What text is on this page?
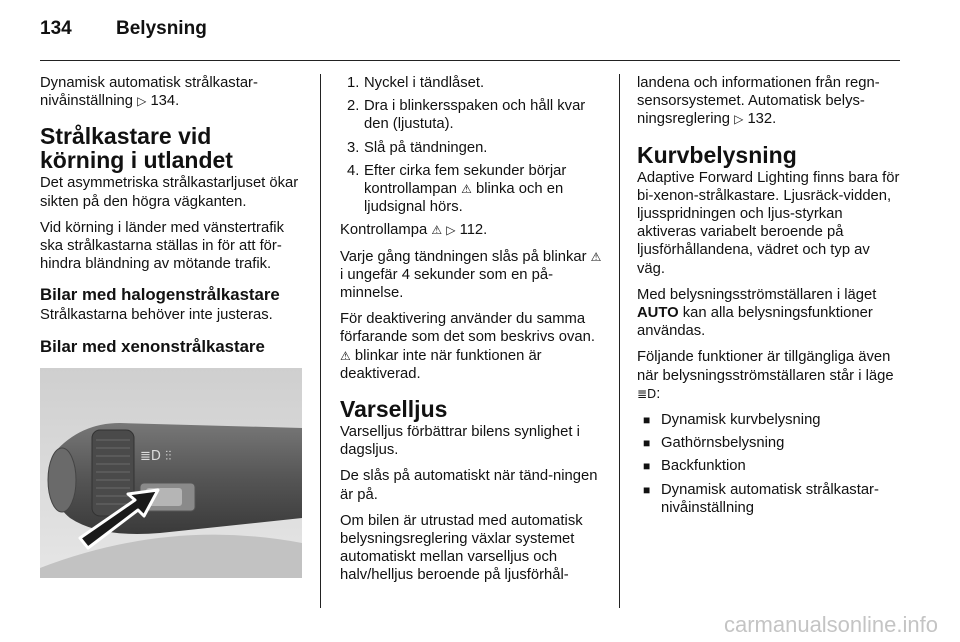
134 Belysning

Dynamisk automatisk strålkastar-nivåinställning ▷ 134.

Strålkastare vid körning i utlandet

Det asymmetriska strålkastarljuset ökar sikten på den högra vägkanten.

Vid körning i länder med vänstertrafik ska strålkastarna ställas in för att för-hindra bländning av mötande trafik.

Bilar med halogenstrålkastare

Strålkastarna behöver inte justeras.

Bilar med xenonstrålkastare
≣D ⫶⫶
1. Nyckel i tändlåset.
2. Dra i blinkersspaken och håll kvar den (ljustuta).
3. Slå på tändningen.
4. Efter cirka fem sekunder börjar kontrollampan ⚠ blinka och en ljudsignal hörs.

Kontrollampa ⚠ ▷ 112.

Varje gång tändningen slås på blinkar ⚠ i ungefär 4 sekunder som en på-minnelse.

För deaktivering använder du samma förfarande som det som beskrivs ovan. ⚠ blinkar inte när funktionen är deaktiverad.

Varselljus

Varselljus förbättrar bilens synlighet i dagsljus.

De slås på automatiskt när tänd-ningen är på.

Om bilen är utrustad med automatisk belysningsreglering växlar systemet automatiskt mellan varselljus och halv/helljus beroende på ljusförhål-

landena och informationen från regn-sensorsystemet. Automatisk belys-ningsreglering ▷ 132.

Kurvbelysning

Adaptive Forward Lighting finns bara för bi-xenon-strålkastare. Ljusräck-vidden, ljusspridningen och ljus-styrkan aktiveras variabelt beroende på ljusförhållandena, vädret och typ av väg.

Med belysningsströmställaren i läget AUTO kan alla belysningsfunktioner användas.

Följande funktioner är tillgängliga även när belysningsströmställaren står i läge ≣D:

■ Dynamisk kurvbelysning
■ Gathörnsbelysning
■ Backfunktion
■ Dynamisk automatisk strålkastar-nivåinställning
carmanualsonline.info
